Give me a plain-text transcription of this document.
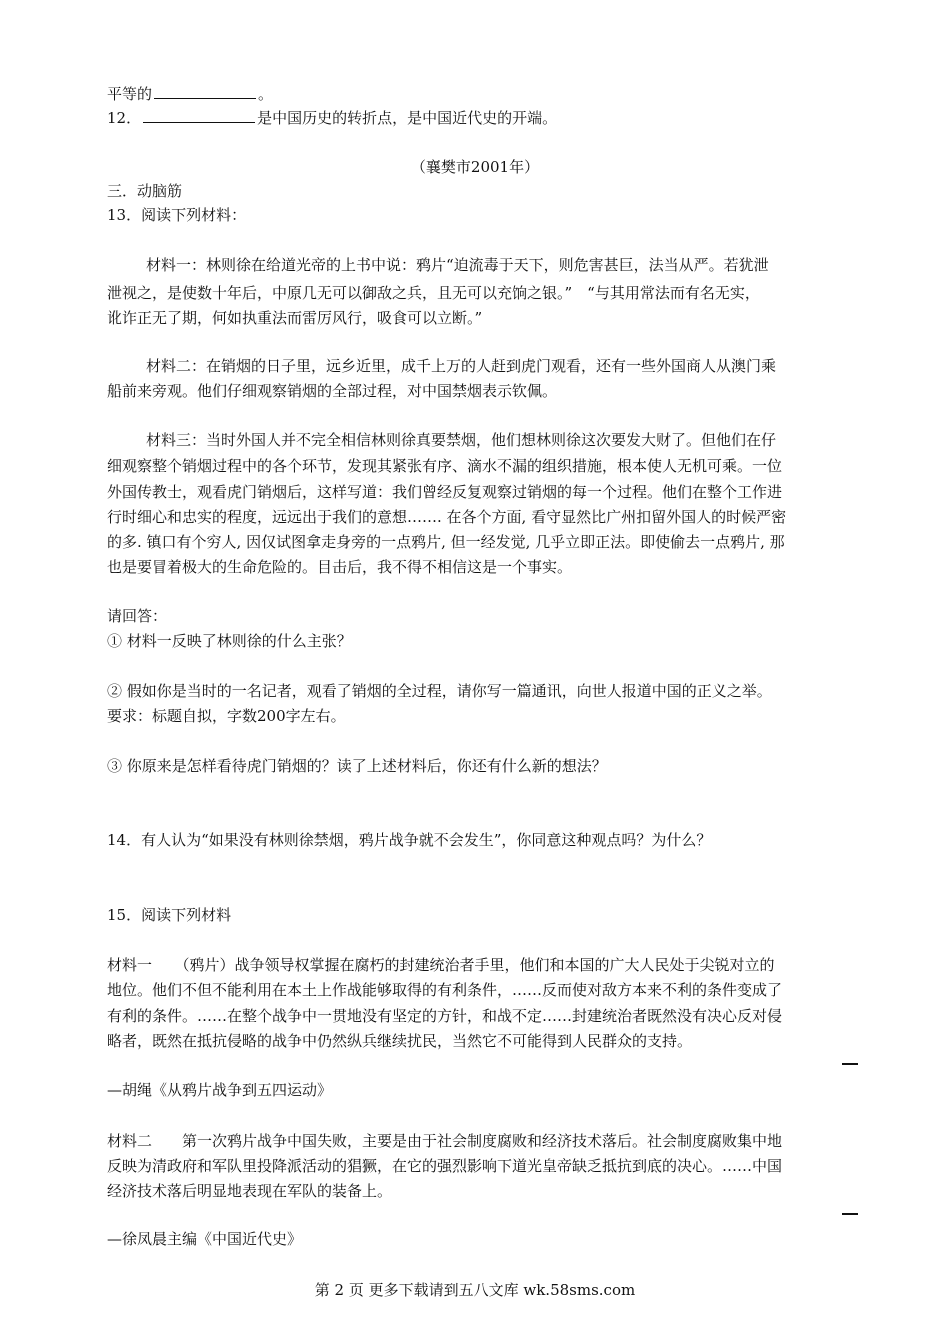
平等的	。
12．	是中国历史的转折点，是中国近代史的开端。
（襄樊市2001年）
三．动脑筋
13．阅读下列材料：
材料一：林则徐在给道光帝的上书中说：鸦片“迫流毒于天下，则危害甚巨，法当从严。若犹泄
泄视之，是使数十年后，中原几无可以御敌之兵，且无可以充饷之银。”　“与其用常法而有名无实，
讹诈正无了期，何如执重法而雷厉风行，吸食可以立断。”
材料二：在销烟的日子里，远乡近里，成千上万的人赶到虎门观看，还有一些外国商人从澳门乘
船前来旁观。他们仔细观察销烟的全部过程，对中国禁烟表示钦佩。
材料三：当时外国人并不完全相信林则徐真要禁烟，他们想林则徐这次要发大财了。但他们在仔
细观察整个销烟过程中的各个环节，发现其紧张有序、滴水不漏的组织措施，根本使人无机可乘。一位
外国传教士，观看虎门销烟后，这样写道：我们曾经反复观察过销烟的每一个过程。他们在整个工作进
行时细心和忠实的程度，远远出于我们的意想……. 在各个方面, 看守显然比广州扣留外国人的时候严密
的多. 镇口有个穷人, 因仅试图拿走身旁的一点鸦片, 但一经发觉, 几乎立即正法。即使偷去一点鸦片, 那
也是要冒着极大的生命危险的。目击后，我不得不相信这是一个事实。
请回答：
① 材料一反映了林则徐的什么主张？
② 假如你是当时的一名记者，观看了销烟的全过程，请你写一篇通讯，向世人报道中国的正义之举。
要求：标题自拟，字数200字左右。
③ 你原来是怎样看待虎门销烟的？读了上述材料后，你还有什么新的想法？
14．有人认为“如果没有林则徐禁烟，鸦片战争就不会发生”，你同意这种观点吗？为什么？
15．阅读下列材料
材料一　　（鸦片）战争领导权掌握在腐朽的封建统治者手里，他们和本国的广大人民处于尖锐对立的
地位。他们不但不能利用在本土上作战能够取得的有利条件，……反而使对敌方本来不利的条件变成了
有利的条件。……在整个战争中一贯地没有坚定的方针，和战不定……封建统治者既然没有决心反对侵
略者，既然在抵抗侵略的战争中仍然纵兵继续扰民，当然它不可能得到人民群众的支持。
—胡绳《从鸦片战争到五四运动》
材料二　　第一次鸦片战争中国失败，主要是由于社会制度腐败和经济技术落后。社会制度腐败集中地
反映为清政府和军队里投降派活动的猖獗，在它的强烈影响下道光皇帝缺乏抵抗到底的决心。……中国
经济技术落后明显地表现在军队的装备上。
—徐凤晨主编《中国近代史》
第 2 页 更多下载请到五八文库 wk.58sms.com
